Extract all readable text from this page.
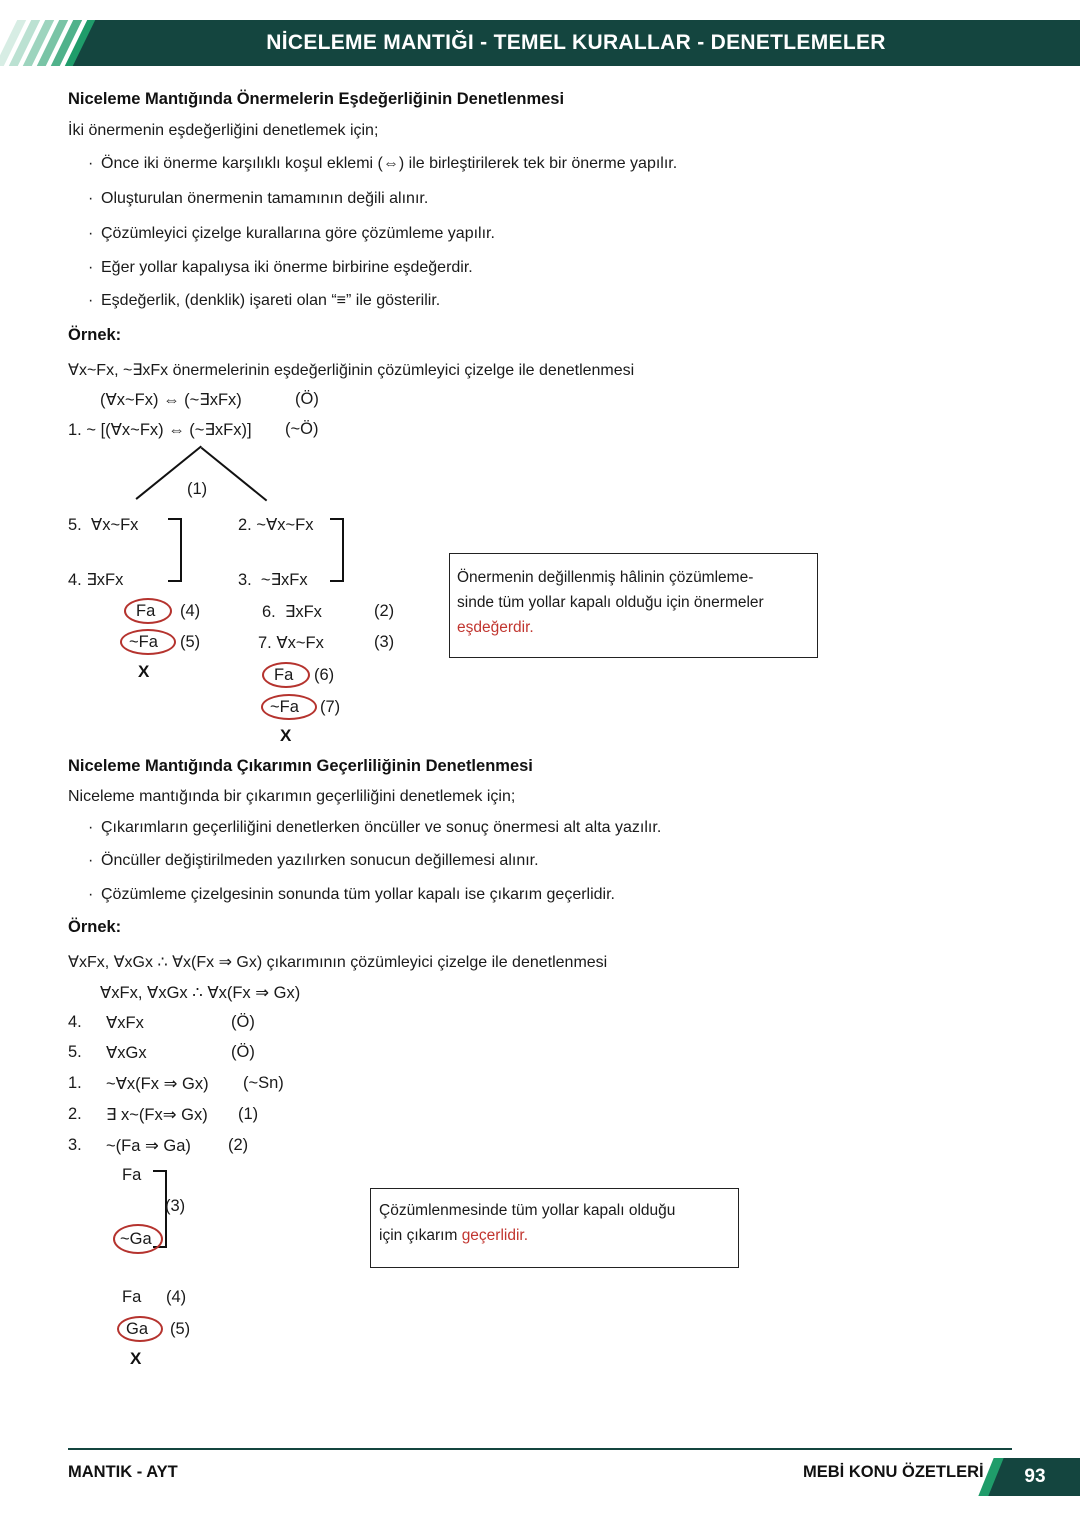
NİCELEME MANTIĞI - TEMEL KURALLAR - DENETLEMELER
Niceleme Mantığında Önermelerin Eşdeğerliğinin Denetlenmesi
İki önermenin eşdeğerliğini denetlemek için;
· Önce iki önerme karşılıklı koşul eklemi (⇔) ile birleştirilerek tek bir önerme yapılır.
· Oluşturulan önermenin tamamının değili alınır.
· Çözümleyici çizelge kurallarına göre çözümleme yapılır.
· Eğer yollar kapalıysa iki önerme birbirine eşdeğerdir.
· Eşdeğerlik, (denklik) işareti olan “≡” ile gösterilir.
Örnek:
∀x~Fx, ~∃xFx önermelerinin eşdeğerliğinin çözümleyici çizelge ile denetlenmesi
(∀x~Fx) ⇔ (~∃xFx)	(Ö)
1. ~ [(∀x~Fx) ⇔ (~∃xFx)] (~Ö)
(1)
5.  ∀x~Fx
4. ∃xFx
Fa (4)
~Fa (5)
X
2. ~∀x~Fx
3.  ~∃xFx
6.  ∃xFx	(2)
7. ∀x~Fx	(3)
Fa (6)
~Fa (7)
X
Önermenin değillenmiş hâlinin çözümleme-
sinde tüm yollar kapalı olduğu için önermeler
eşdeğerdir.
Niceleme Mantığında Çıkarımın Geçerliliğinin Denetlenmesi
Niceleme mantığında bir çıkarımın geçerliliğini denetlemek için;
· Çıkarımların geçerliliğini denetlerken öncüller ve sonuç önermesi alt alta yazılır.
· Öncüller değiştirilmeden yazılırken sonucun değillemesi alınır.
· Çözümleme çizelgesinin sonunda tüm yollar kapalı ise çıkarım geçerlidir.
Örnek:
∀xFx, ∀xGx ∴ ∀x(Fx ⇒ Gx) çıkarımının çözümleyici çizelge ile denetlenmesi
∀xFx, ∀xGx ∴ ∀x(Fx ⇒ Gx)
4. ∀xFx	(Ö)
5. ∀xGx	(Ö)
1. ~∀x(Fx ⇒ Gx) (~Sn)
2. ∃ x~(Fx⇒ Gx) (1)
3. ~(Fa ⇒ Ga) (2)
Fa
(3)
~Ga
Fa (4)
Ga (5)
X
Çözümlenmesinde tüm yollar kapalı olduğu
için çıkarım geçerlidir.
MANTIK - AYT	MEBİ KONU ÖZETLERİ	93
